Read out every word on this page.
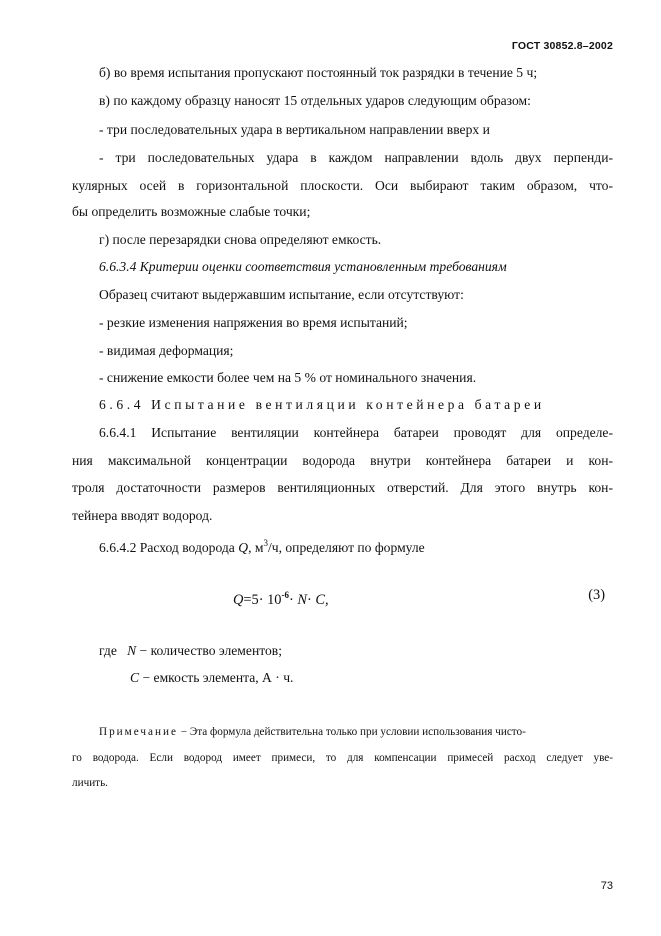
ГОСТ 30852.8–2002
б) во время испытания пропускают постоянный ток разрядки в течение 5 ч;
в) по каждому образцу наносят 15 отдельных ударов следующим образом:
- три последовательных удара в вертикальном направлении вверх и
- три последовательных удара в каждом направлении вдоль двух перпенди-
кулярных осей в горизонтальной плоскости. Оси выбирают таким образом, что-
бы определить возможные слабые точки;
г) после перезарядки снова определяют емкость.
6.6.3.4 Критерии оценки соответствия установленным требованиям
Образец считают выдержавшим испытание, если отсутствуют:
- резкие изменения напряжения во время испытаний;
- видимая деформация;
- снижение емкости более чем на 5 % от номинального значения.
6.6.4 Испытание вентиляции контейнера батареи
6.6.4.1 Испытание вентиляции контейнера батареи проводят для определе-
ния максимальной концентрации водорода внутри контейнера батареи и кон-
троля достаточности размеров вентиляционных отверстий. Для этого внутрь кон-
тейнера вводят водород.
6.6.4.2 Расход водорода Q, $м^3/ч$, определяют по формуле
$Q=5\cdot 10^{-6}\cdot N\cdot C$,	(3)
где N − количество элементов;
C − емкость элемента, А · ч.
Примечание − Эта формула действительна только при условии использования чисто-
го водорода. Если водород имеет примеси, то для компенсации примесей расход следует уве-
личить.
73
